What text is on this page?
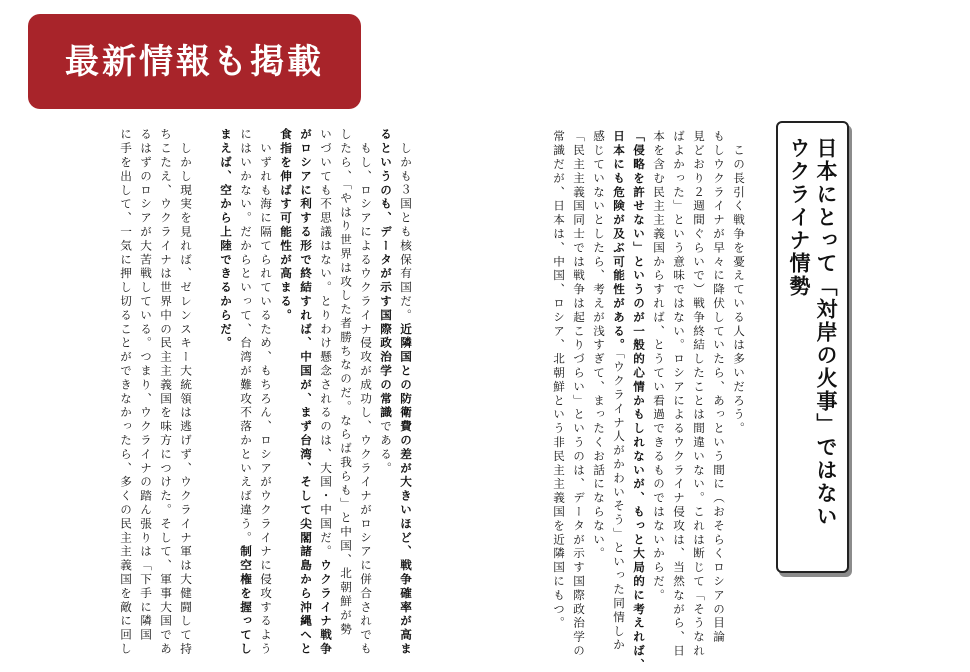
最新情報も掲載
日本にとって「対岸の火事」ではない
ウクライナ情勢
　この長引く戦争を憂えている人は多いだろう。
もしウクライナが早々に降伏していたら、あっという間に（おそらくロシアの目論
見どおり２週間ぐらいで）戦争終結したことは間違いない。これは断じて「そうなれ
ばよかった」という意味ではない。ロシアによるウクライナ侵攻は、当然ながら、日
本を含む民主主義国からすれば、とうてい看過できるものではないからだ。
「侵略を許せない」というのが一般的心情かもしれないが、もっと大局的に考えれば、
日本にも危険が及ぶ可能性がある。「ウクライナ人がかわいそう」といった同情しか
感じていないとしたら、考えが浅すぎて、まったくお話にならない。
「民主主義国同士では戦争は起こりづらい」というのは、データが示す国際政治学の
常識だが、日本は、中国、ロシア、北朝鮮という非民主主義国を近隣国にもつ。
　しかも３国とも核保有国だ。近隣国との防衛費の差が大きいほど、戦争確率が高ま
るというのも、データが示す国際政治学の常識である。
　もし、ロシアによるウクライナ侵攻が成功し、ウクライナがロシアに併合されでも
したら、「やはり世界は攻した者勝ちなのだ。ならば我らも」と中国、北朝鮮が勢
いづいても不思議はない。とりわけ懸念されるのは、大国・中国だ。ウクライナ戦争
がロシアに利する形で終結すれば、中国が、まず台湾、そして尖閣諸島から沖縄へと
食指を伸ばす可能性が高まる。
　いずれも海に隔てられているため、もちろん、ロシアがウクライナに侵攻するよう
にはいかない。だからといって、台湾が難攻不落かといえば違う。制空権を握ってし
まえば、空から上陸できるからだ。

　しかし現実を見れば、ゼレンスキー大統領は逃げず、ウクライナ軍は大健闘して持
ちこたえ、ウクライナは世界中の民主主義国を味方につけた。そして、軍事大国であ
るはずのロシアが大苦戦している。つまり、ウクライナの踏ん張りは「下手に隣国
に手を出して、一気に押し切ることができなかったら、多くの民主主義国を敵に回し
